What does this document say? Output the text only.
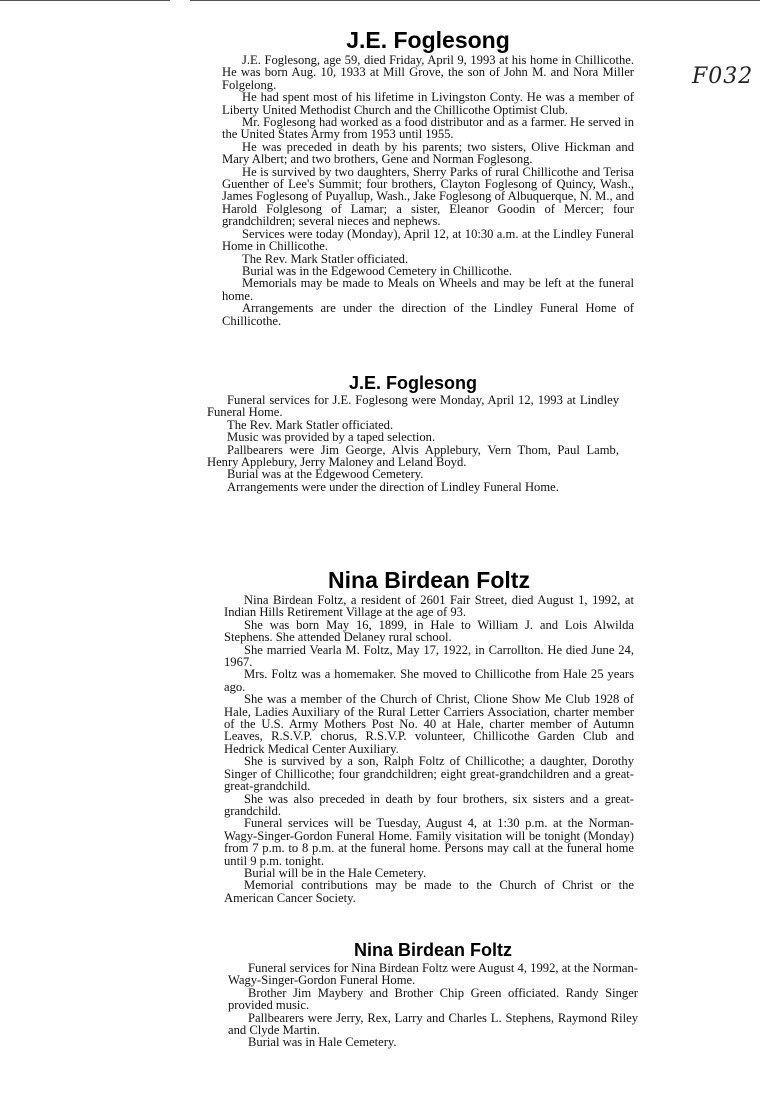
F032
J.E. Foglesong

J.E. Foglesong, age 59, died Friday, April 9, 1993 at his home in Chillicothe. He was born Aug. 10, 1933 at Mill Grove, the son of John M. and Nora Miller Folgelong.

He had spent most of his lifetime in Livingston Conty. He was a member of Liberty United Methodist Church and the Chillicothe Optimist Club.

Mr. Foglesong had worked as a food distributor and as a farmer. He served in the United States Army from 1953 until 1955.

He was preceded in death by his parents; two sisters, Olive Hickman and Mary Albert; and two brothers, Gene and Norman Foglesong.

He is survived by two daughters, Sherry Parks of rural Chillicothe and Terisa Guenther of Lee's Summit; four brothers, Clayton Foglesong of Quincy, Wash., James Foglesong of Puyallup, Wash., Jake Foglesong of Albuquerque, N. M., and Harold Folglesong of Lamar; a sister, Eleanor Goodin of Mercer; four grandchildren; several nieces and nephews.

Services were today (Monday), April 12, at 10:30 a.m. at the Lindley Funeral Home in Chillicothe.

The Rev. Mark Statler officiated.

Burial was in the Edgewood Cemetery in Chillicothe.

Memorials may be made to Meals on Wheels and may be left at the funeral home.

Arrangements are under the direction of the Lindley Funeral Home of Chillicothe.

J.E. Foglesong

Funeral services for J.E. Foglesong were Monday, April 12, 1993 at Lindley Funeral Home.

The Rev. Mark Statler officiated.

Music was provided by a taped selection.

Pallbearers were Jim George, Alvis Applebury, Vern Thom, Paul Lamb, Henry Applebury, Jerry Maloney and Leland Boyd.

Burial was at the Edgewood Cemetery.

Arrangements were under the direction of Lindley Funeral Home.

Nina Birdean Foltz

Nina Birdean Foltz, a resident of 2601 Fair Street, died August 1, 1992, at Indian Hills Retirement Village at the age of 93.

She was born May 16, 1899, in Hale to William J. and Lois Alwilda Stephens. She attended Delaney rural school.

She married Vearla M. Foltz, May 17, 1922, in Carrollton. He died June 24, 1967.

Mrs. Foltz was a homemaker. She moved to Chillicothe from Hale 25 years ago.

She was a member of the Church of Christ, Clione Show Me Club 1928 of Hale, Ladies Auxiliary of the Rural Letter Carriers Association, charter member of the U.S. Army Mothers Post No. 40 at Hale, charter member of Autumn Leaves, R.S.V.P. chorus, R.S.V.P. volunteer, Chillicothe Garden Club and Hedrick Medical Center Auxiliary.

She is survived by a son, Ralph Foltz of Chillicothe; a daughter, Dorothy Singer of Chillicothe; four grandchildren; eight great-grandchildren and a great-great-grandchild.

She was also preceded in death by four brothers, six sisters and a great-grandchild.

Funeral services will be Tuesday, August 4, at 1:30 p.m. at the Norman-Wagy-Singer-Gordon Funeral Home. Family visitation will be tonight (Monday) from 7 p.m. to 8 p.m. at the funeral home. Persons may call at the funeral home until 9 p.m. tonight.

Burial will be in the Hale Cemetery.

Memorial contributions may be made to the Church of Christ or the American Cancer Society.

Nina Birdean Foltz

Funeral services for Nina Birdean Foltz were August 4, 1992, at the Norman-Wagy-Singer-Gordon Funeral Home.

Brother Jim Maybery and Brother Chip Green officiated. Randy Singer provided music.

Pallbearers were Jerry, Rex, Larry and Charles L. Stephens, Raymond Riley and Clyde Martin.

Burial was in Hale Cemetery.
